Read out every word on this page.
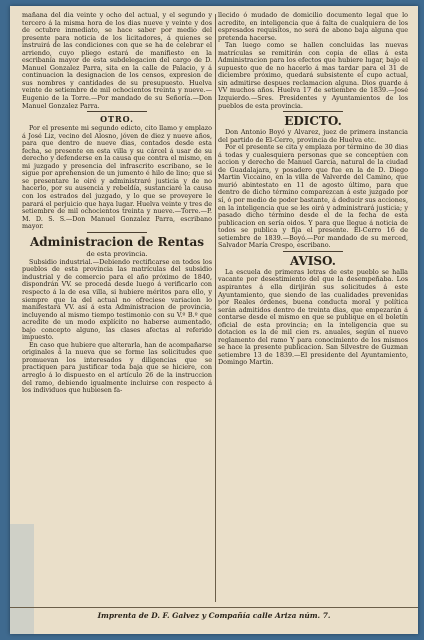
mañana del dia veinte y ocho del actual, y el segundo y tercero á la misma hora de los dias nueve y veinte y dos de octubre inmediato, se hace saber por medio del presente para noticia de los licitadores, á quienes se instruirá de las condiciones con que se ha de celebrar el arriendo, cuyo pliego estará de manifiesto en la escribanía mayor de esta subdelegacion del cargo de D. Manuel Gonzalez Parra, sita en la calle de Palacio, y á continuacion la designacion de los censos, expresion de sus nombres y cantidades de su presupuesto. Huelva veinte de setiembre de mil ochocientos treinta y nueve.—Eugenio de la Torre.—Por mandado de su Señoría.—Don Manuel Gonzalez Parra.

OTRO.

Por el presente mi segundo edicto, cito llamo y emplazo á José Liz, vecino del Alosno, jóven de diez y nueve años, para que dentro de nueve dias, contados desde esta fecha, se presente en esta villa y su cárcel á usar de su derecho y defenderse en la causa que contra el mismo, en mi juzgado y presencia del infrascrito escribano, se le sigue por aprehension de un jumento é hilo de lino; que si se presentare le oiré y administraré justicia y de no hacerlo, por su ausencia y rebeldía, sustanciaré la causa con los estrados del juzgado, y lo que se proveyere le parará el perjuicio que haya lugar. Huelva veinte y tres de setiembre de mil ochocientos treinta y nueve.—Torre.—P. M. D. S. S.—Don Manuel Gonzalez Parra, escribano mayor.

Administracion de Rentas
de esta provincia.

Subsidio industrial.—Debiendo rectificarse en todos los pueblos de esta provincia las matrículas del subsidio industrial y de comercio para el año próximo de 1840, dispondrán VV. se proceda desde luego á verificarlo con respecto á la de esa villa, si hubiere méritos para ello, y siempre que la del actual no ofreciese variacion lo manifestará VV. así á esta Administracion de provincia, incluyendo al mismo tiempo testimonio con su V.º B.º que acredite de un modo explícito no haberse aumentado, bajo concepto alguno, las clases afectas al referido impuesto.

En caso que hubiere que alterarla, han de acompañarse originales á la nueva que se forme las solicitudes que promuevan los interesados y diligencias que se practiquen para justificar toda baja que se hiciere, con arreglo á lo dispuesto en el artículo 26 de la instruccion del ramo, debiendo igualmente incluirse con respecto á los individuos que hubiesen fa-

llecido ó mudado de domicilio documento legal que lo acredite, en inteligencia que á falta de cualquiera de los espresados requisitos, no será de abono baja alguna que pretenda hacerse.

Tan luego como se hallen concluidas las nuevas matrículas se remitirán con copia de ellas á esta Administracion para los efectos que hubiere lugar, bajo el supuesto que de no hacerlo á mas tardar para el 31 de diciembre próximo, quedará subsistente el cupo actual, sin admitirse despues reclamacion alguna. Dios guarde á VV muchos años. Huelva 17 de setiembre de 1839.—José Izquierdo.—Sres. Presidentes y Ayuntamientos de los pueblos de esta provincia.

EDICTO.

Don Antonio Boyó y Alvarez, juez de primera instancia del partido de El-Cerro, provincia de Huelva etc.

Por el presente se cita y emplaza por término de 30 dias á todas y cualesquiera personas que se conceptúen con accion y derecho de Manuel Garcia, natural de la ciudad de Guadalajara, y posadero que fue en la de D. Diego Martin Viccaino, en la villa de Valverde del Camino, que murió abintestato en 11 de agosto último, para que dentro de dicho término comparezcan á este juzgado por sí, ó por medio de poder bastante, á deducir sus acciones, en la inteligencia que se les oirá y administrará justicia; y pasado dicho término desde el de la fecha de esta publicacion en sería oidos. Y para que llegue á noticia de todos se publica y fija el presente. El-Cerro 16 de setiembre de 1839.—Boyó.—Por mandado de su merced, Salvador María Crespo, escribano.

AVISO.

La escuela de primeras letras de este pueblo se halla vacante por desestimiento del que la desempeñaba. Los aspirantes á ella dirijirán sus solicitudes á este Ayuntamiento, que siendo de las cualidades prevenidas por Reales órdenes, buena conducta moral y política serán admitidos dentro de treinta dias, que empezarán á contarse desde el mismo en que se publique en el boletín oficial de esta provincia; en la inteligencia que su dotacion es la de mil cien rs. anuales, según el nuevo reglamento del ramo Y para conocimiento de los mismos se hace la presente publicacion. San Silvestre de Guzman setiembre 13 de 1839.—El presidente del Ayuntamiento, Domingo Martin.

Imprenta de D. F. Galvez y Compañía calle Ariza núm. 7.
